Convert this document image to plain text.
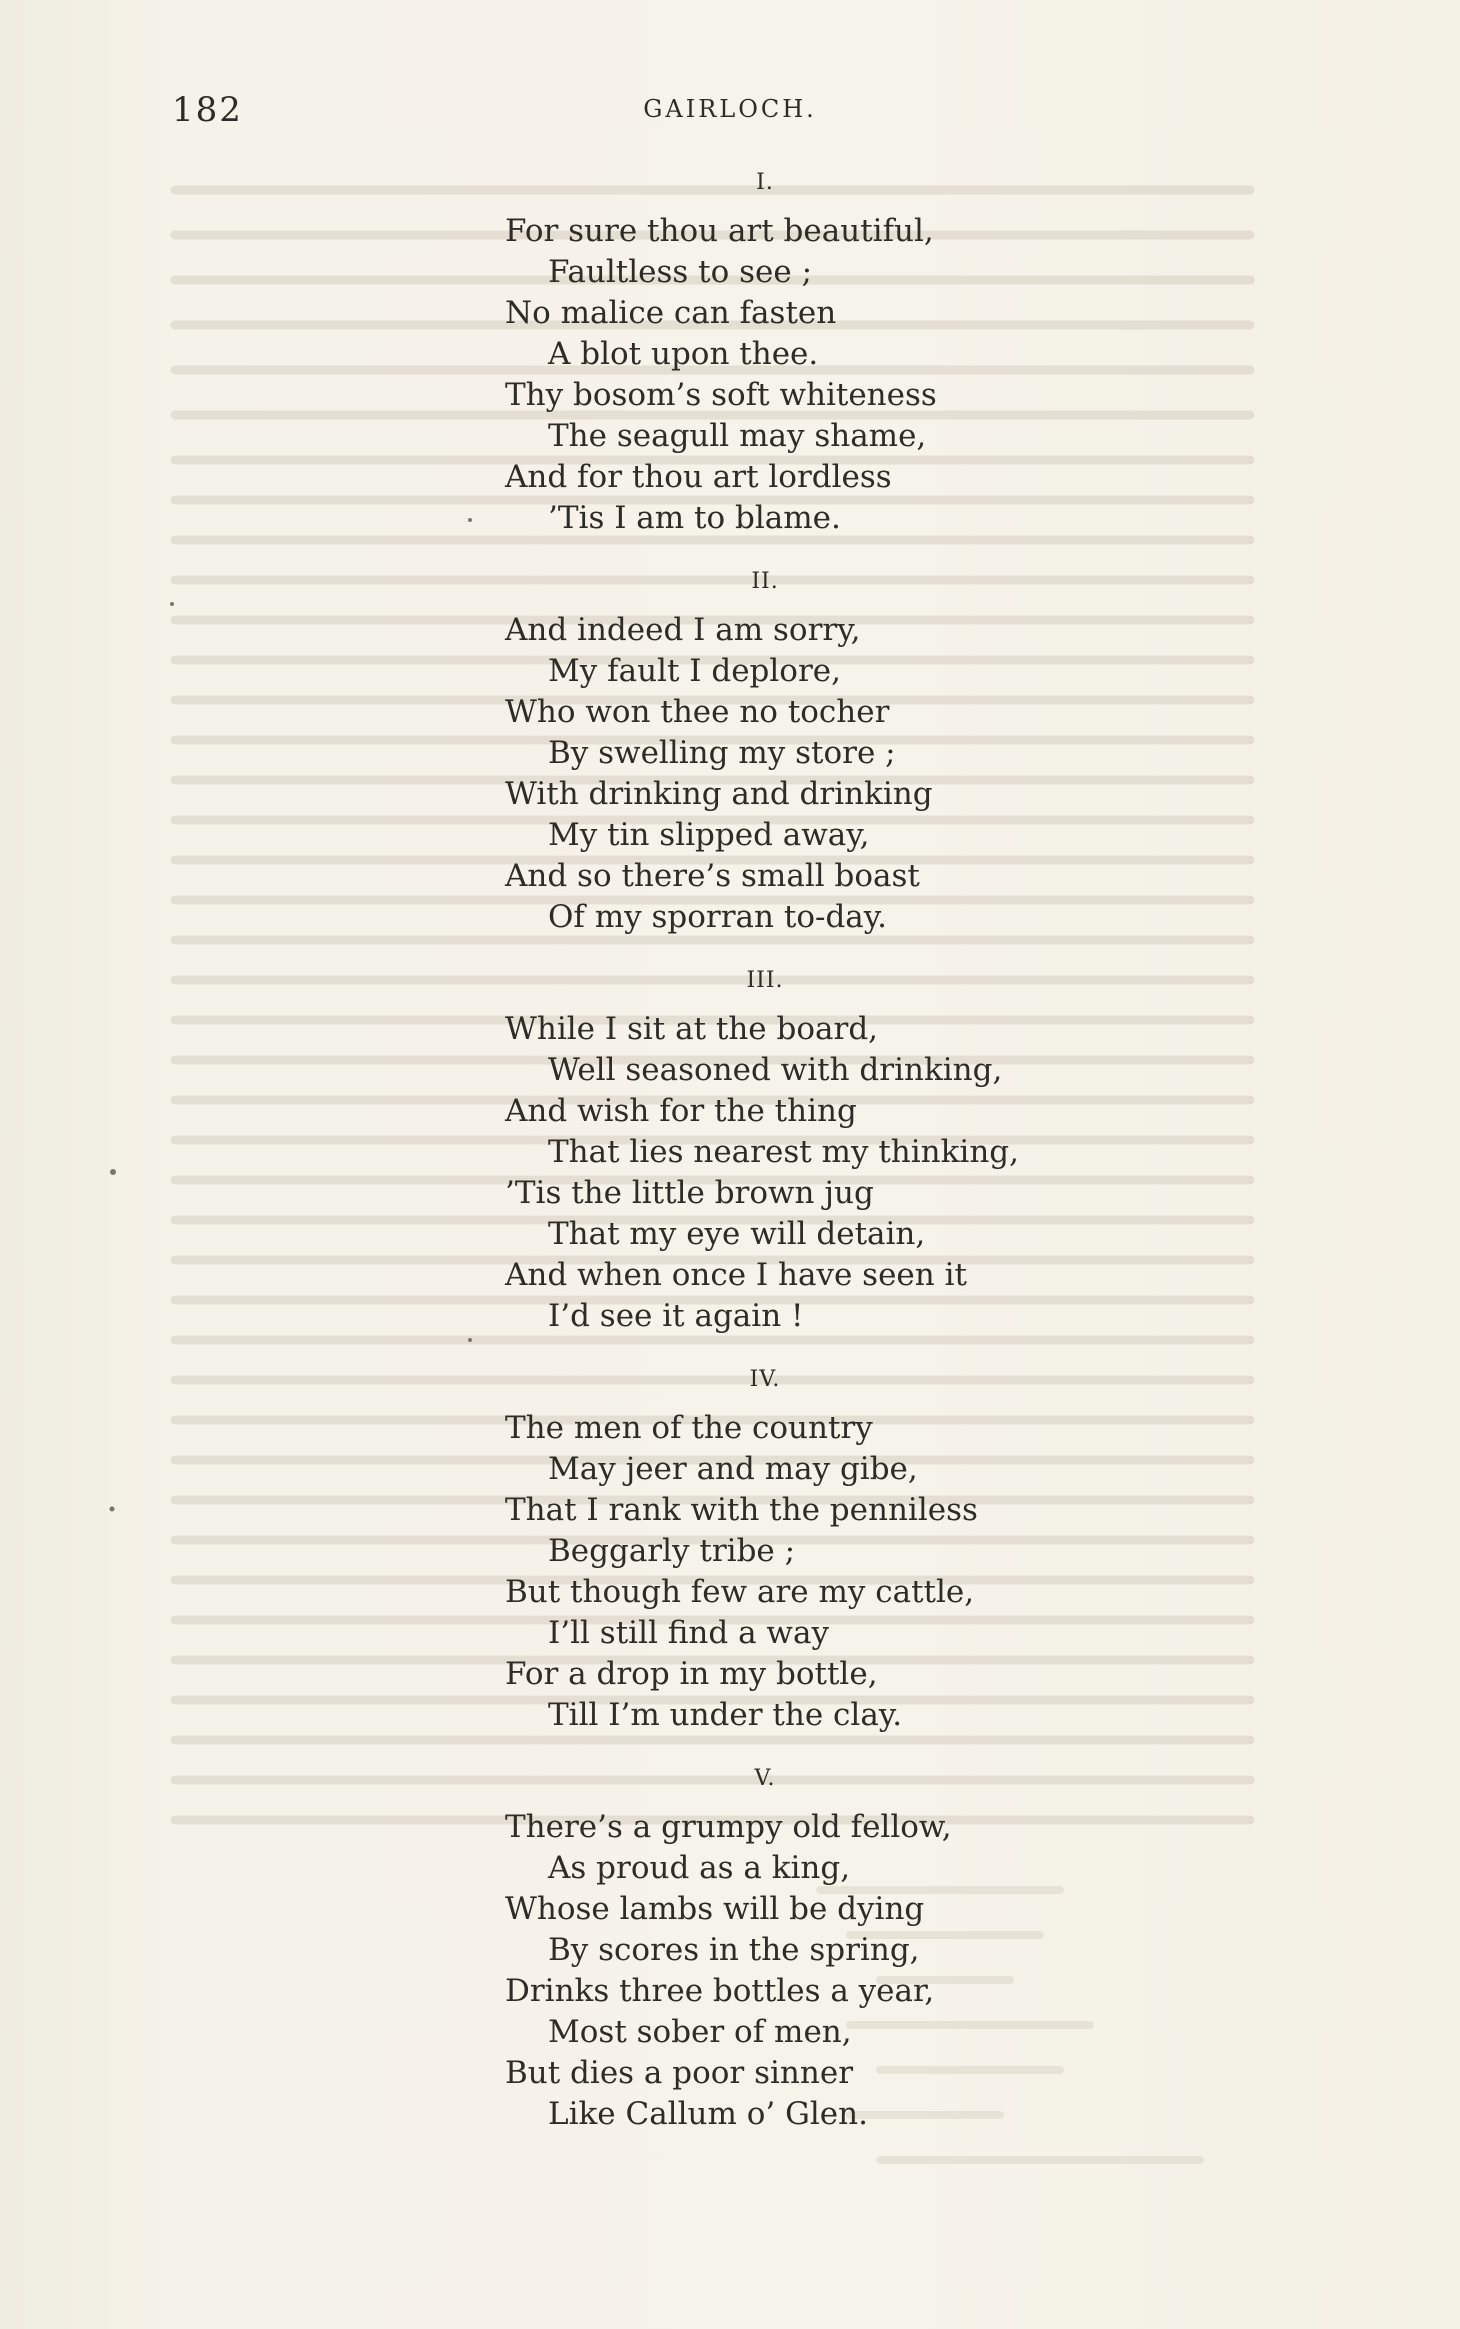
182	GAIRLOCH.
I.
For sure thou art beautiful,
Faultless to see ;
No malice can fasten
A blot upon thee.
Thy bosom’s soft whiteness
The seagull may shame,
And for thou art lordless
’Tis I am to blame.
II.
And indeed I am sorry,
My fault I deplore,
Who won thee no tocher
By swelling my store ;
With drinking and drinking
My tin slipped away,
And so there’s small boast
Of my sporran to-day.
III.
While I sit at the board,
Well seasoned with drinking,
And wish for the thing
That lies nearest my thinking,
’Tis the little brown jug
That my eye will detain,
And when once I have seen it
I’d see it again !
IV.
The men of the country
May jeer and may gibe,
That I rank with the penniless
Beggarly tribe ;
But though few are my cattle,
I’ll still find a way
For a drop in my bottle,
Till I’m under the clay.
V.
There’s a grumpy old fellow,
As proud as a king,
Whose lambs will be dying
By scores in the spring,
Drinks three bottles a year,
Most sober of men,
But dies a poor sinner
Like Callum o’ Glen.
